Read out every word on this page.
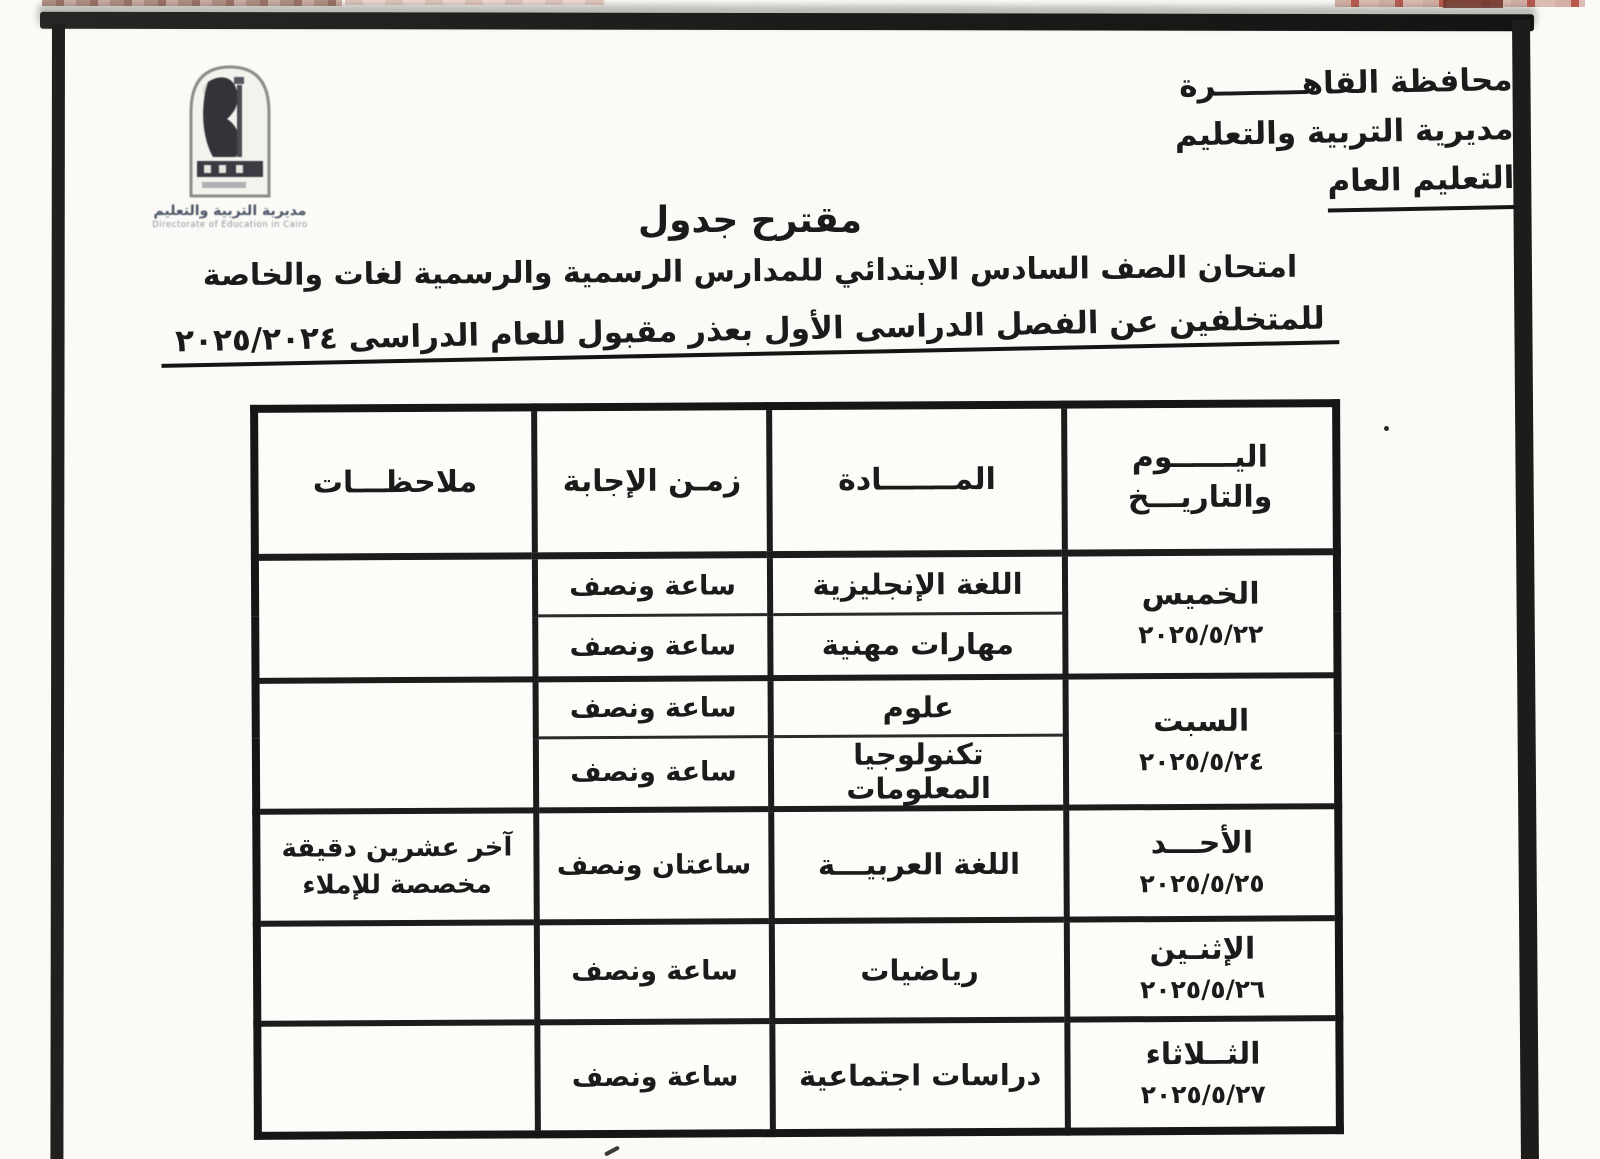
مديرية التربية والتعليم
Directorate of Education in Cairo
محافظة القاهــــــــرة
مديرية التربية والتعليم
التعليم العام
مقترح جدول
امتحان الصف السادس الابتدائي للمدارس الرسمية والرسمية لغات والخاصة
للمتخلفين عن الفصل الدراسى الأول بعذر مقبول للعام الدراسى ٢٠٢٥/٢٠٢٤
اليــــــوم
والتاريـــخ	المـــــــادة	زمـن الإجابة	ملاحظـــات

الخميس
٢٠٢٥/٥/٢٢	اللغة الإنجليزية	ساعة ونصف	
	مهارات مهنية	ساعة ونصف	

السبت
٢٠٢٥/٥/٢٤	علوم	ساعة ونصف	
	تكنولوجيا المعلومات	ساعة ونصف	

الأحـــد
٢٠٢٥/٥/٢٥	اللغة العربيـــة	ساعتان ونصف	آخر عشرين دقيقة مخصصة للإملاء

الإثنـين
٢٠٢٥/٥/٢٦	رياضيات	ساعة ونصف	

الثــلاثاء
٢٠٢٥/٥/٢٧	دراسات اجتماعية	ساعة ونصف	
